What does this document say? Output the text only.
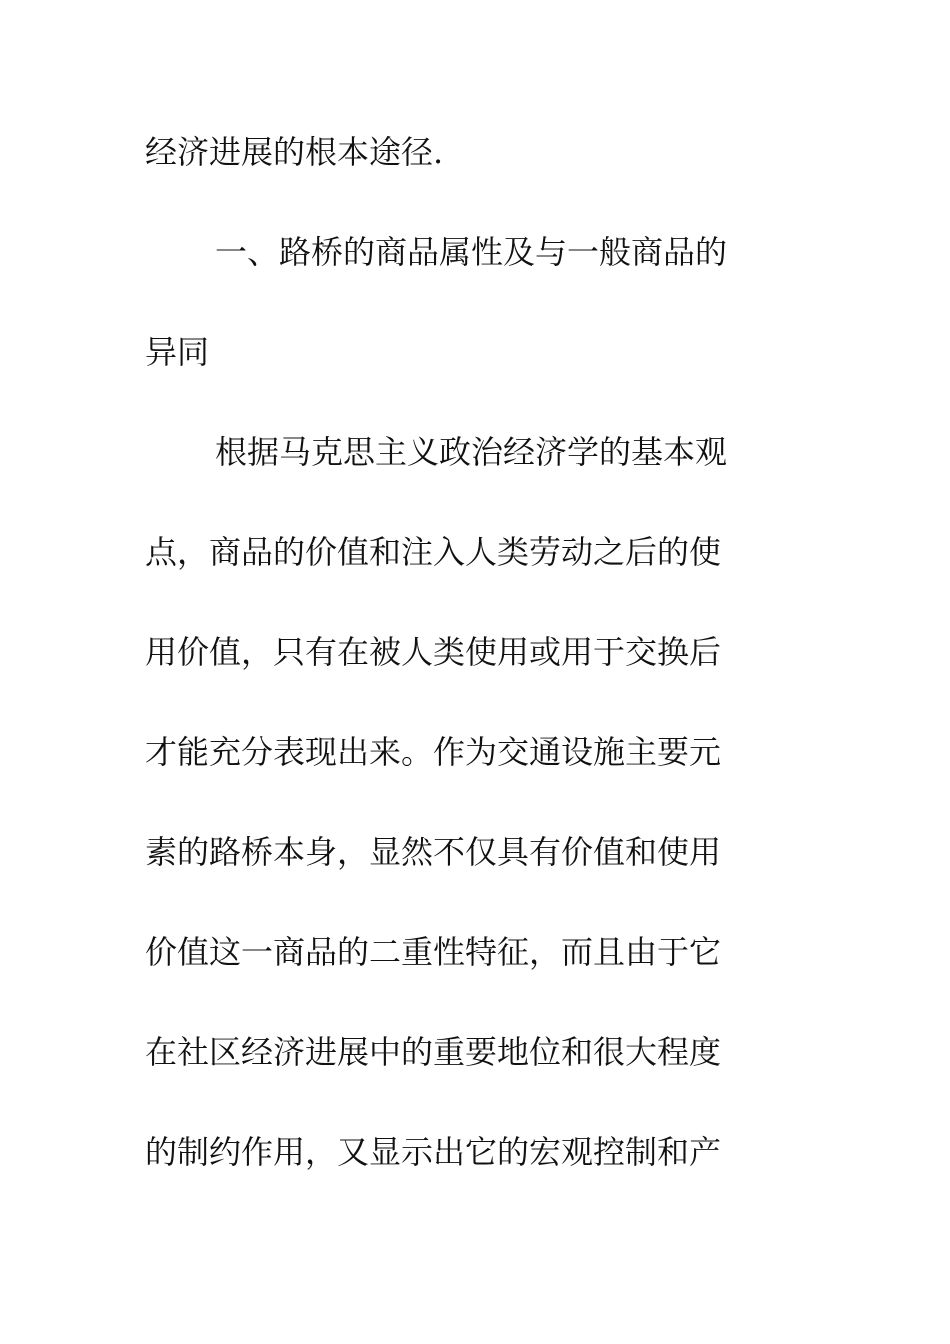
经济进展的根本途径.
一、路桥的商品属性及与一般商品的
异同
根据马克思主义政治经济学的基本观
点，商品的价值和注入人类劳动之后的使
用价值，只有在被人类使用或用于交换后
才能充分表现出来。作为交通设施主要元
素的路桥本身，显然不仅具有价值和使用
价值这一商品的二重性特征，而且由于它
在社区经济进展中的重要地位和很大程度
的制约作用，又显示出它的宏观控制和产
